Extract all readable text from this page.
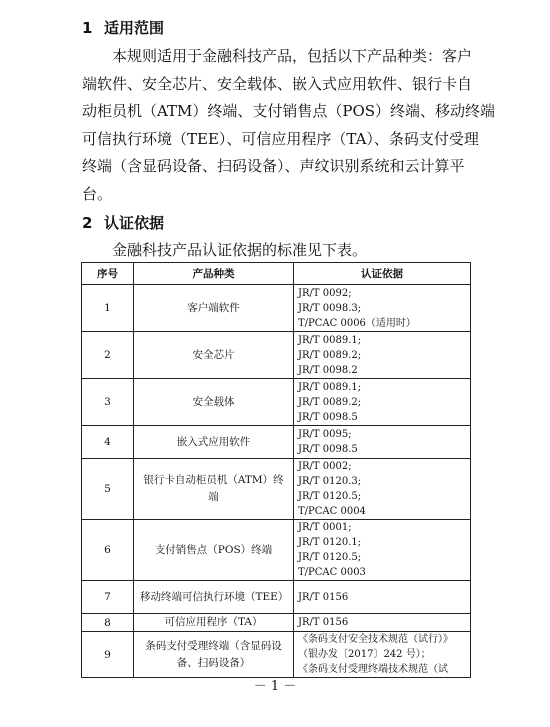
1 适用范围
本规则适用于金融科技产品，包括以下产品种类：客户
端软件、安全芯片、安全载体、嵌入式应用软件、银行卡自
动柜员机（ATM）终端、支付销售点（POS）终端、移动终端
可信执行环境（TEE）、可信应用程序（TA）、条码支付受理
终端（含显码设备、扫码设备）、声纹识别系统和云计算平
台。
2 认证依据
金融科技产品认证依据的标准见下表。
序号	产品种类	认证依据
1	客户端软件	JR/T 0092;
JR/T 0098.3;
T/PCAC 0006（适用时）

2	安全芯片	JR/T 0089.1;
JR/T 0089.2;
JR/T 0098.2

3	安全载体	JR/T 0089.1;
JR/T 0089.2;
JR/T 0098.5

4	嵌入式应用软件	JR/T 0095;
JR/T 0098.5

5	银行卡自动柜员机（ATM）终端	JR/T 0002;
JR/T 0120.3;
JR/T 0120.5;
T/PCAC 0004

6	支付销售点（POS）终端	JR/T 0001;
JR/T 0120.1;
JR/T 0120.5;
T/PCAC 0003

7	移动终端可信执行环境（TEE）	JR/T 0156

8	可信应用程序（TA）	JR/T 0156

9	条码支付受理终端（含显码设备、扫码设备）	《条码支付安全技术规范（试行）》
（银办发〔2017〕242 号）；
《条码支付受理终端技术规范（试
－ 1 －
